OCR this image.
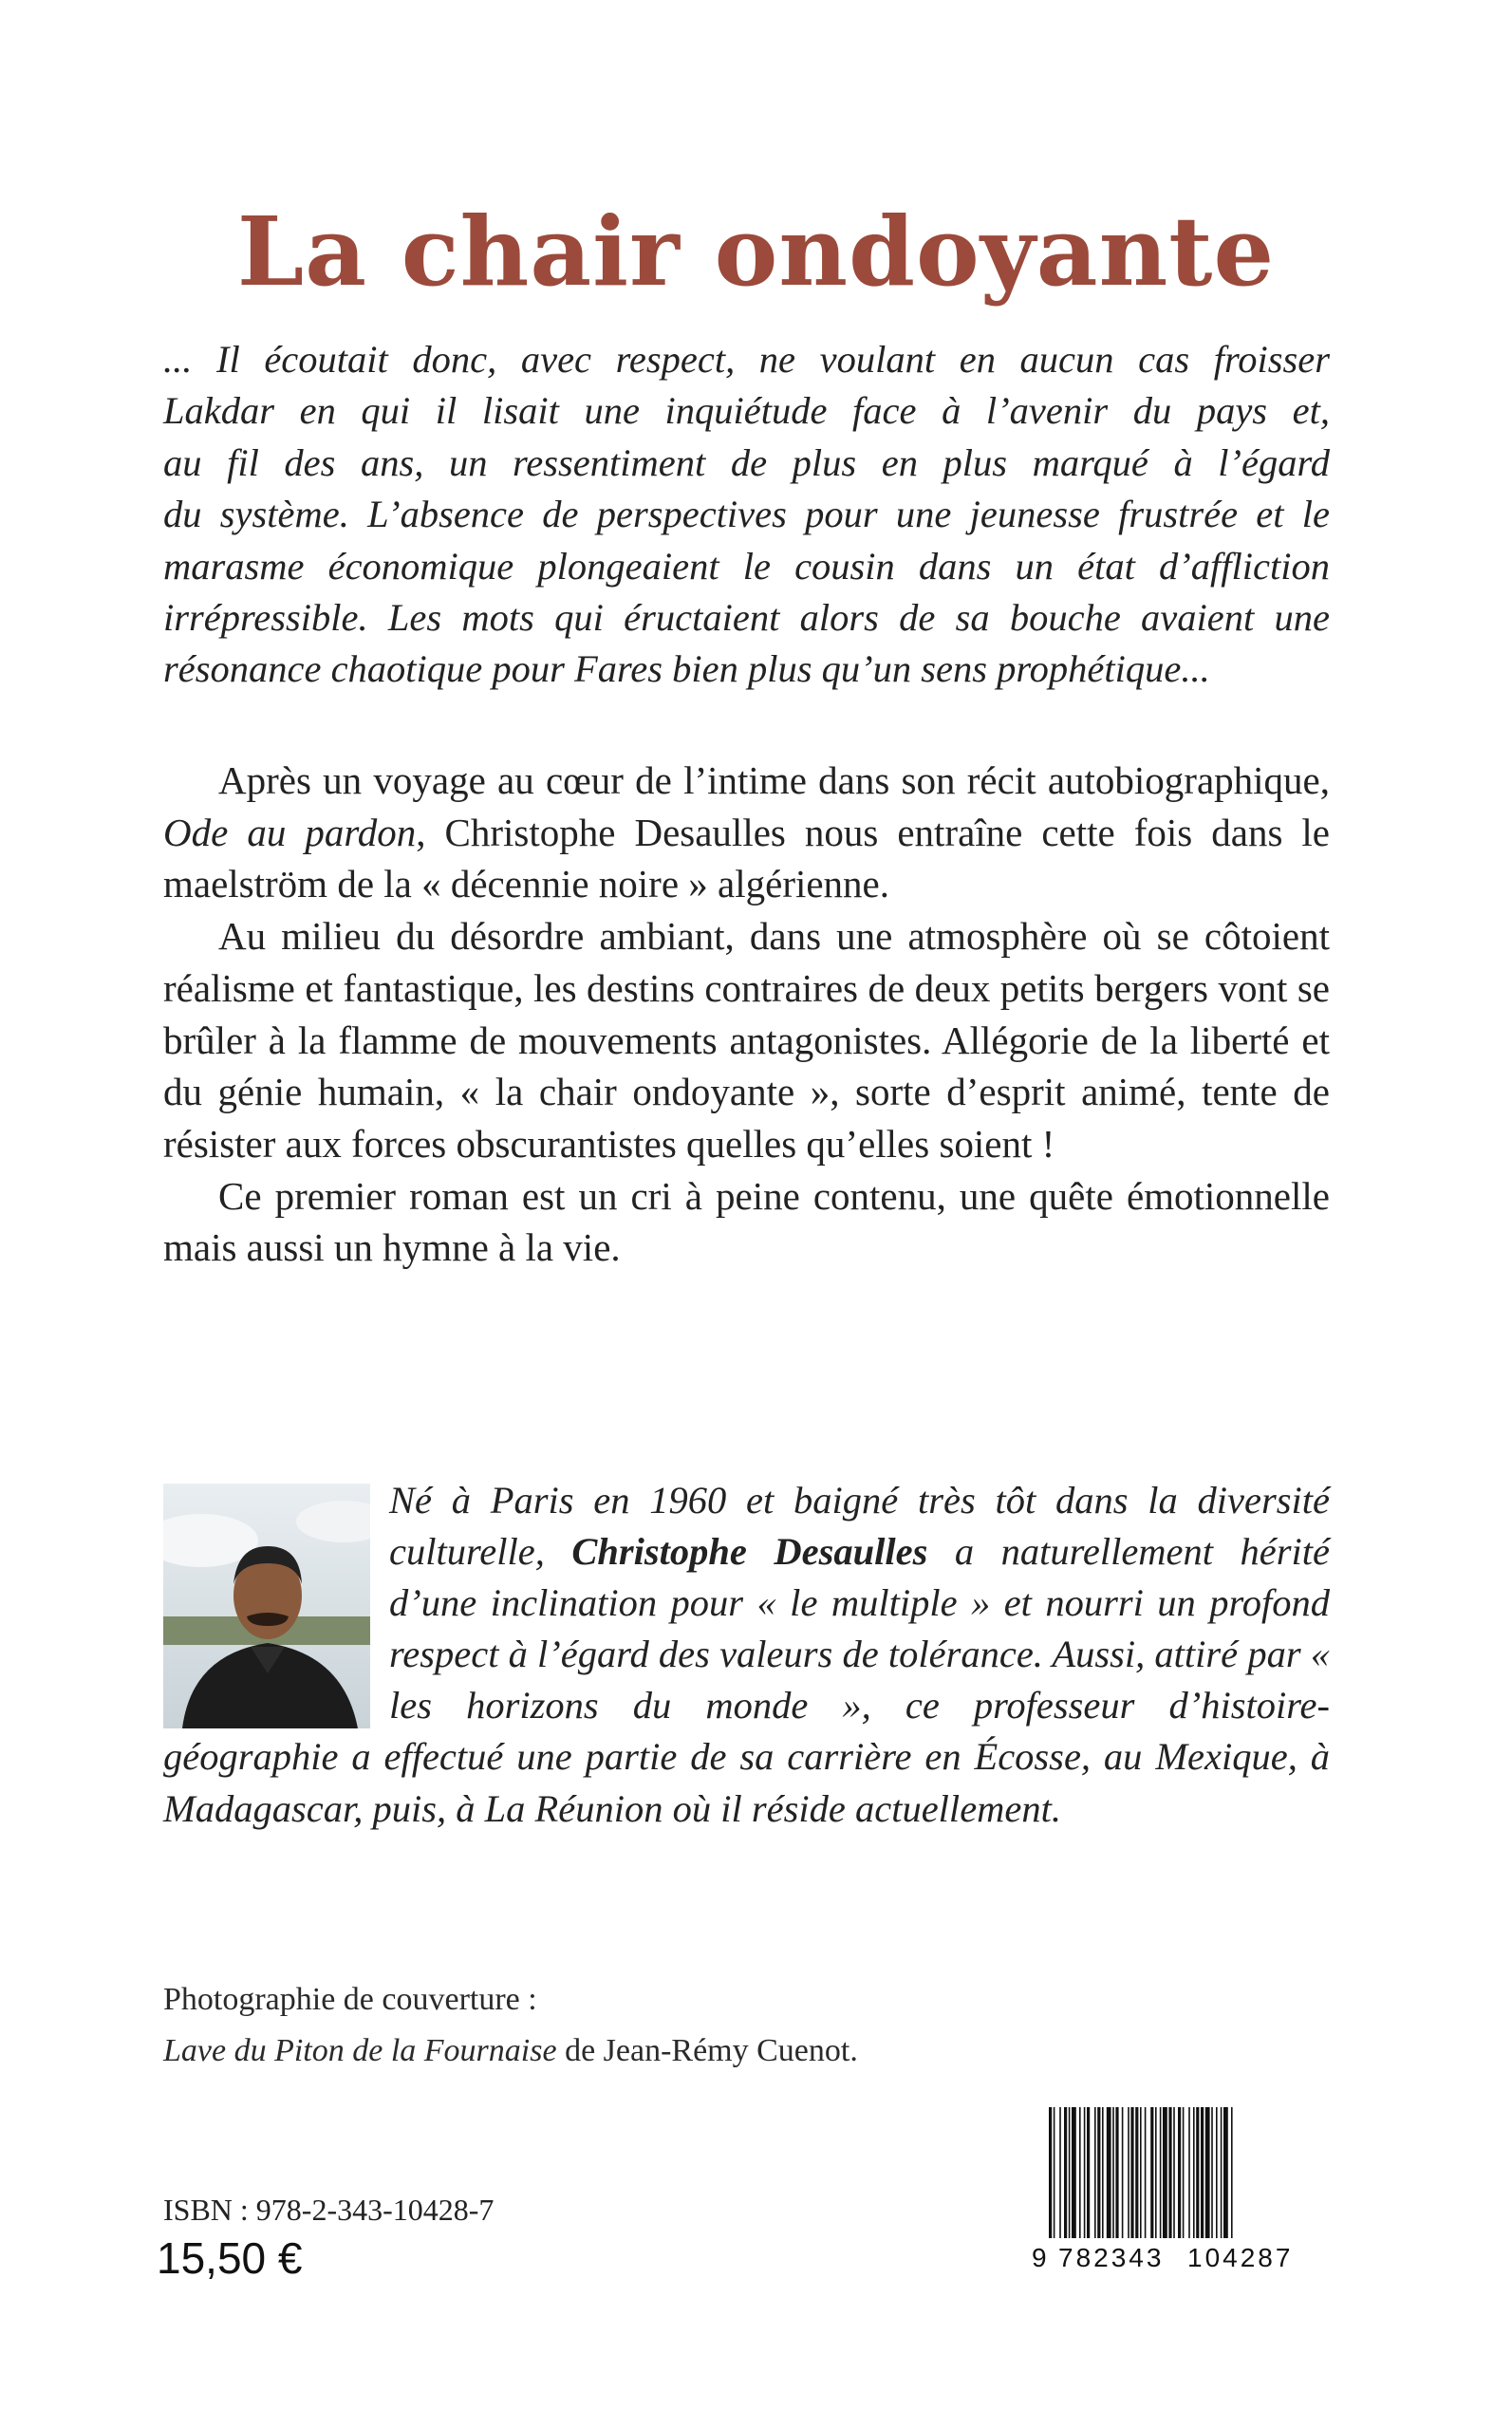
La chair ondoyante
... Il écoutait donc, avec respect, ne voulant en aucun cas froisser
Lakdar en qui il lisait une inquiétude face à l’avenir du pays et,
au fil des ans, un ressentiment de plus en plus marqué à l’égard
du système. L’absence de perspectives pour une jeunesse frustrée et le
marasme économique plongeaient le cousin dans un état d’affliction
irrépressible. Les mots qui éructaient alors de sa bouche avaient une
résonance chaotique pour Fares bien plus qu’un sens prophétique...

Après un voyage au cœur de l’intime dans son récit autobiographique, Ode au pardon, Christophe Desaulles nous entraîne cette fois dans le maelström de la « décennie noire » algérienne.

Au milieu du désordre ambiant, dans une atmosphère où se côtoient réalisme et fantastique, les destins contraires de deux petits bergers vont se brûler à la flamme de mouvements antagonistes. Allégorie de la liberté et du génie humain, « la chair ondoyante », sorte d’esprit animé, tente de résister aux forces obscurantistes quelles qu’elles soient !

Ce premier roman est un cri à peine contenu, une quête émotionnelle mais aussi un hymne à la vie.

Né à Paris en 1960 et baigné très tôt dans la diversité culturelle, Christophe Desaulles a naturellement hérité d’une inclination pour « le multiple » et nourri un profond respect à l’égard des valeurs de tolérance. Aussi, attiré par « les horizons du monde », ce professeur d’histoire-géographie a effectué une partie de sa carrière en Écosse, au Mexique, à Madagascar, puis, à La Réunion où il réside actuellement.
Photographie de couverture :
Lave du Piton de la Fournaise de Jean-Rémy Cuenot.
ISBN : 978-2-343-10428-7
15,50 €	9 782343 104287
